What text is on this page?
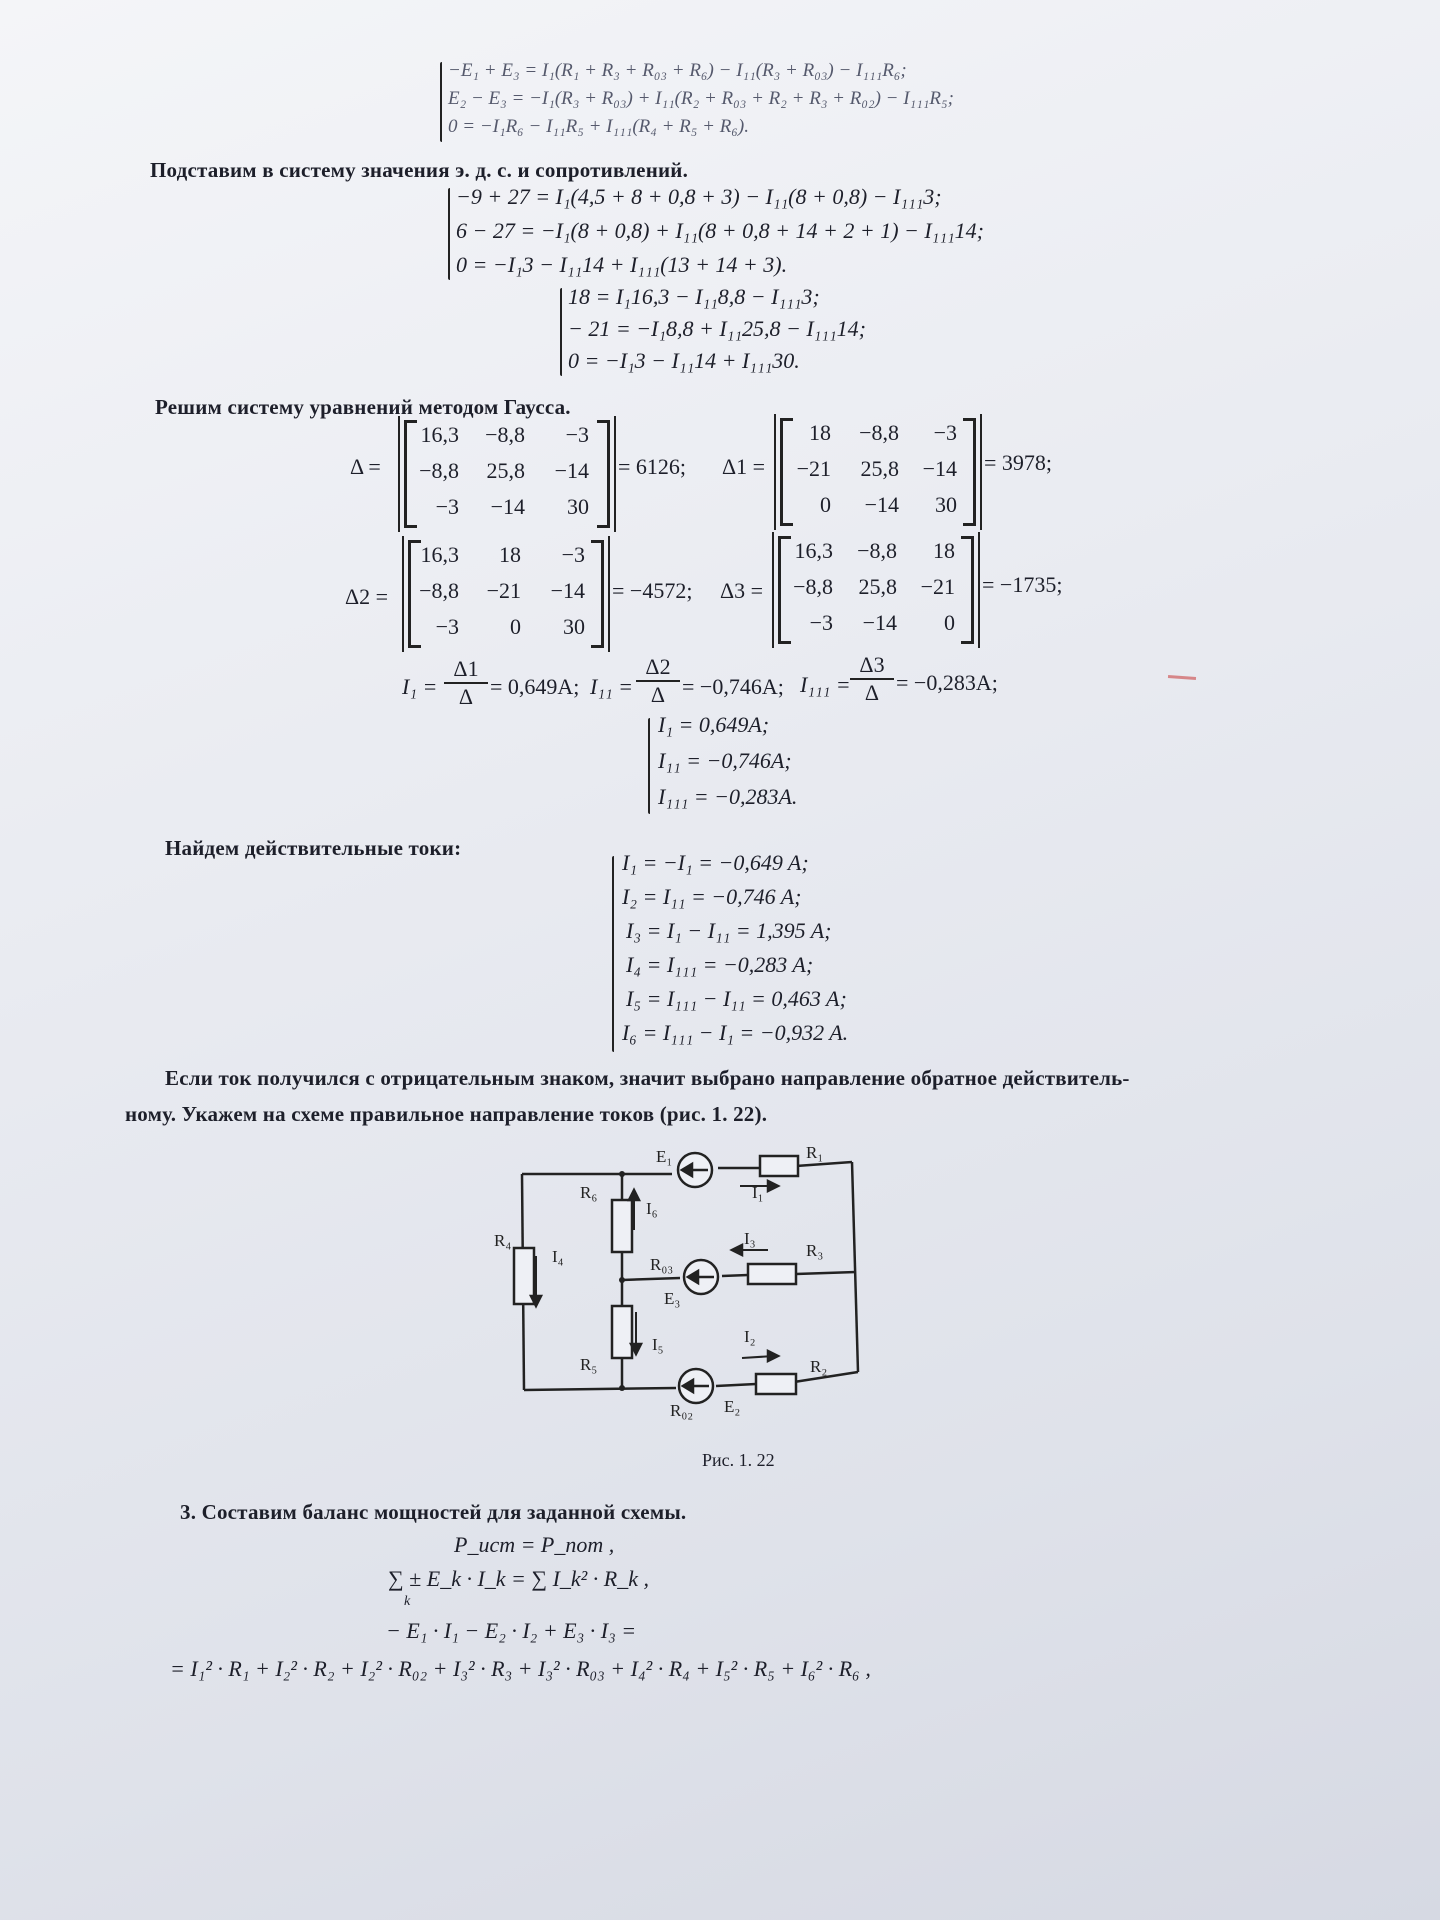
−E₁ + E₃ = I₁(R₁ + R₃ + R₀₃ + R₆) − I₁₁(R₃ + R₀₃) − I₁₁₁R₆;
E₂ − E₃ = −I₁(R₃ + R₀₃) + I₁₁(R₂ + R₀₃ + R₂ + R₃ + R₀₂) − I₁₁₁R₅;
0 = −I₁R₆ − I₁₁R₅ + I₁₁₁(R₄ + R₅ + R₆).
Подставим в систему значения э. д. с. и сопротивлений.
−9 + 27 = I₁(4,5 + 8 + 0,8 + 3) − I₁₁(8 + 0,8) − I₁₁₁3;
6 − 27 = −I₁(8 + 0,8) + I₁₁(8 + 0,8 + 14 + 2 + 1) − I₁₁₁14;
0 = −I₁3 − I₁₁14 + I₁₁₁(13 + 14 + 3).
18 = I₁16,3 − I₁₁8,8 − I₁₁₁3;
− 21 = −I₁8,8 + I₁₁25,8 − I₁₁₁14;
0 = −I₁3 − I₁₁14 + I₁₁₁30.
Решим систему уравнений методом Гаусса.
Δ =
16,3	−8,8	−3
−8,8	25,8	−14
−3	−14	30
= 6126; Δ1 =
18	−8,8	−3
−21	25,8	−14
0	−14	30
= 3978;
Δ2 =
16,3	18	−3
−8,8	−21	−14
−3	0	30
= −4572; Δ3 =
16,3	−8,8	18
−8,8	25,8	−21
−3	−14	0
= −1735;
$I_1 = \frac{\Delta 1}{\Delta} = 0,649A$; $I_{11} = \frac{\Delta 2}{\Delta} = -0,746A$; $I_{111} = \frac{\Delta 3}{\Delta} = -0,283A$;
I₁ = 0,649A;
I₁₁ = −0,746A;
I₁₁₁ = −0,283A.
Найдем действительные токи:
I₁ = −I₁ = −0,649 A;
I₂ = I₁₁ = −0,746 A;
I₃ = I₁ − I₁₁ = 1,395 A;
I₄ = I₁₁₁ = −0,283 A;
I₅ = I₁₁₁ − I₁₁ = 0,463 A;
I₆ = I₁₁₁ − I₁ = −0,932 A.
Если ток получился с отрицательным знаком, значит выбрано направление обратное действитель-
ному. Укажем на схеме правильное направление токов (рис. 1. 22).
E₁	R₁
I₁
R₆
I₆
R₄
I₄
I₃
R₃
R₀₃
E₃
I₅	I₂
R₅	R₂
R₀₂ E₂
Рис. 1. 22
3. Составим баланс мощностей для заданной схемы.
P_ист = P_пот ,
∑ ± E_k · I_k = ∑ I_k² · R_k ,
k
− E₁ · I₁ − E₂ · I₂ + E₃ · I₃ =
= I₁² · R₁ + I₂² · R₂ + I₂² · R₀₂ + I₃² · R₃ + I₃² · R₀₃ + I₄² · R₄ + I₅² · R₅ + I₆² · R₆ ,
